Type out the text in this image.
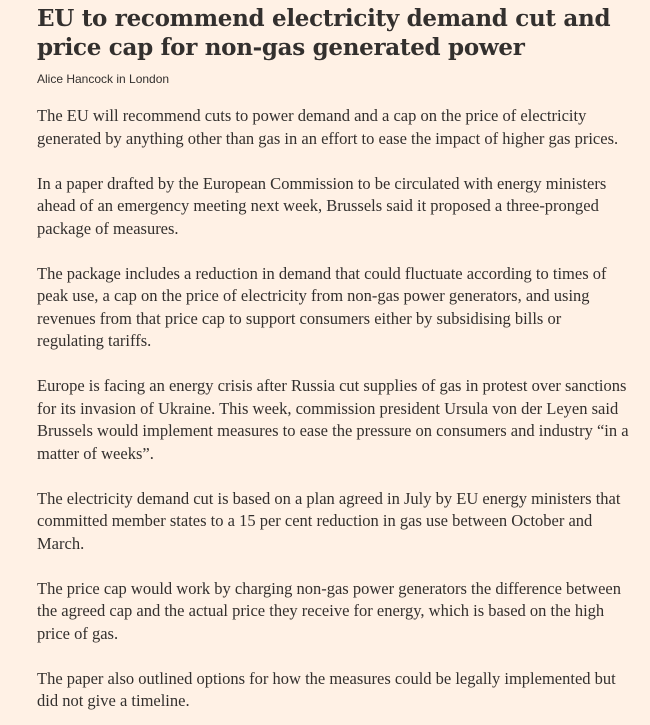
EU to recommend electricity demand cut and price cap for non-gas generated power
Alice Hancock in London

The EU will recommend cuts to power demand and a cap on the price of electricity generated by anything other than gas in an effort to ease the impact of higher gas prices.

In a paper drafted by the European Commission to be circulated with energy ministers ahead of an emergency meeting next week, Brussels said it proposed a three-pronged package of measures.

The package includes a reduction in demand that could fluctuate according to times of peak use, a cap on the price of electricity from non-gas power generators, and using revenues from that price cap to support consumers either by subsidising bills or regulating tariffs.

Europe is facing an energy crisis after Russia cut supplies of gas in protest over sanctions for its invasion of Ukraine. This week, commission president Ursula von der Leyen said Brussels would implement measures to ease the pressure on consumers and industry “in a matter of weeks”.

The electricity demand cut is based on a plan agreed in July by EU energy ministers that committed member states to a 15 per cent reduction in gas use between October and March.

The price cap would work by charging non-gas power generators the difference between the agreed cap and the actual price they receive for energy, which is based on the high price of gas.

The paper also outlined options for how the measures could be legally implemented but did not give a timeline.
